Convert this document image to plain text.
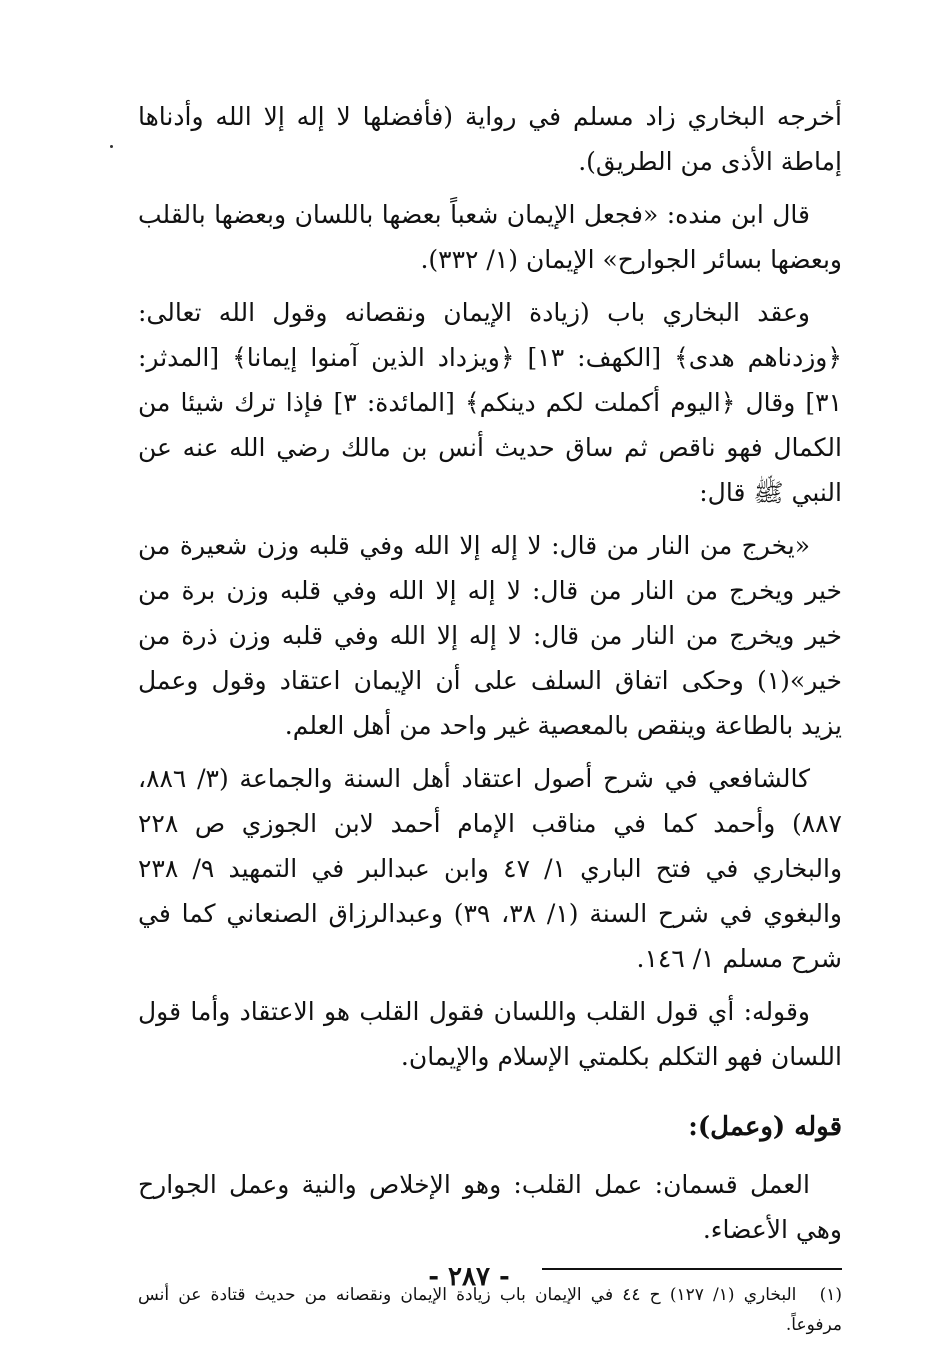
أخرجه البخاري زاد مسلم في رواية (فأفضلها لا إله إلا الله وأدناها إماطة الأذى من الطريق).

قال ابن منده: «فجعل الإيمان شعباً بعضها باللسان وبعضها بالقلب وبعضها بسائر الجوارح» الإيمان (١/ ٣٣٢).

وعقد البخاري باب (زيادة الإيمان ونقصانه وقول الله تعالى: ﴿وزدناهم هدى﴾ [الكهف: ١٣] ﴿ويزداد الذين آمنوا إيمانا﴾ [المدثر: ٣١] وقال ﴿اليوم أكملت لكم دينكم﴾ [المائدة: ٣] فإذا ترك شيئا من الكمال فهو ناقص ثم ساق حديث أنس بن مالك رضي الله عنه عن النبي ﷺ قال:

«يخرج من النار من قال: لا إله إلا الله وفي قلبه وزن شعيرة من خير ويخرج من النار من قال: لا إله إلا الله وفي قلبه وزن برة من خير ويخرج من النار من قال: لا إله إلا الله وفي قلبه وزن ذرة من خير»(١) وحكى اتفاق السلف على أن الإيمان اعتقاد وقول وعمل يزيد بالطاعة وينقص بالمعصية غير واحد من أهل العلم.

كالشافعي في شرح أصول اعتقاد أهل السنة والجماعة (٣/ ٨٨٦، ٨٨٧) وأحمد كما في مناقب الإمام أحمد لابن الجوزي ص ٢٢٨ والبخاري في فتح الباري ١/ ٤٧ وابن عبدالبر في التمهيد ٩/ ٢٣٨ والبغوي في شرح السنة (١/ ٣٨، ٣٩) وعبدالرزاق الصنعاني كما في شرح مسلم ١/ ١٤٦.

وقوله: أي قول القلب واللسان فقول القلب هو الاعتقاد وأما قول اللسان فهو التكلم بكلمتي الإسلام والإيمان.

قوله (وعمل):

العمل قسمان: عمل القلب: وهو الإخلاص والنية وعمل الجوارح وهي الأعضاء.

(١) البخاري (١/ ١٢٧) ح ٤٤ في الإيمان باب زيادة الإيمان ونقصانه من حديث قتادة عن أنس مرفوعاً.

- ٢٨٧ -
